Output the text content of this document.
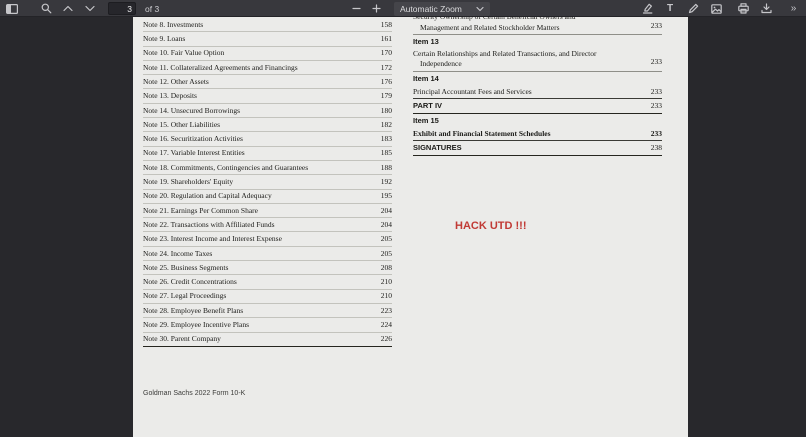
3
of 3	Automatic Zoom	T	»
Note 8. Investments	158
Note 9. Loans	161
Note 10. Fair Value Option	170
Note 11. Collateralized Agreements and Financings	172
Note 12. Other Assets	176
Note 13. Deposits	179
Note 14. Unsecured Borrowings	180
Note 15. Other Liabilities	182
Note 16. Securitization Activities	183
Note 17. Variable Interest Entities	185
Note 18. Commitments, Contingencies and Guarantees	188
Note 19. Shareholders' Equity	192
Note 20. Regulation and Capital Adequacy	195
Note 21. Earnings Per Common Share	204
Note 22. Transactions with Affiliated Funds	204
Note 23. Interest Income and Interest Expense	205
Note 24. Income Taxes	205
Note 25. Business Segments	208
Note 26. Credit Concentrations	210
Note 27. Legal Proceedings	210
Note 28. Employee Benefit Plans	223
Note 29. Employee Incentive Plans	224
Note 30. Parent Company	226
Management and Related Stockholder Matters	233
Item 13
Certain Relationships and Related Transactions, and Director
Independence	233
Item 14
Principal Accountant Fees and Services	233
PART IV	233
Item 15
Exhibit and Financial Statement Schedules	233
SIGNATURES	238
HACK UTD !!!
Goldman Sachs 2022 Form 10-K
